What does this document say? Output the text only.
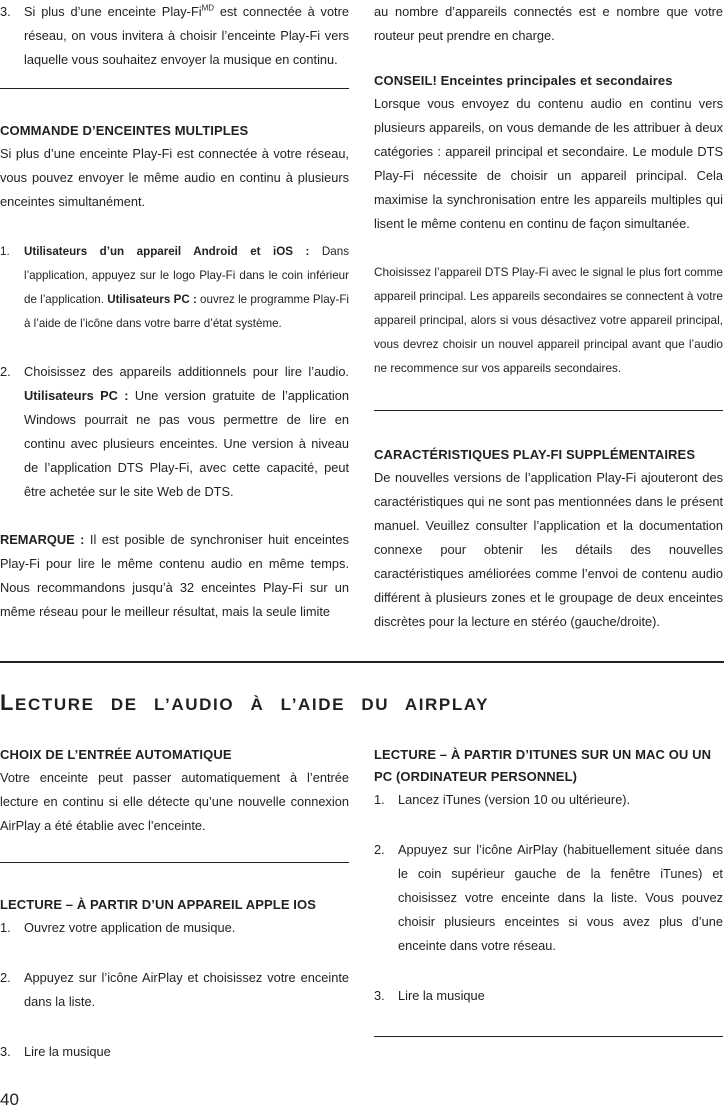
3. Si plus d’une enceinte Play-$Fi^{MD}$ est connectée à votre réseau, on vous invitera à choisir l’enceinte Play-Fi vers laquelle vous souhaitez envoyer la musique en continu.
COMMANDE D’ENCEINTES MULTIPLES

Si plus d’une enceinte Play-Fi est connectée à votre réseau, vous pouvez envoyer le même audio en continu à plusieurs enceintes simultanément.

1. Utilisateurs d’un appareil Android et iOS : Dans l’application, appuyez sur le logo Play-Fi dans le coin inférieur de l’application. Utilisateurs PC : ouvrez le programme Play-Fi à l’aide de l’icône dans votre barre d’état système.
2. Choisissez des appareils additionnels pour lire l’audio. Utilisateurs PC : Une version gratuite de l’application Windows pourrait ne pas vous permettre de lire en continu avec plusieurs enceintes. Une version à niveau de l’application DTS Play-Fi, avec cette capacité, peut être achetée sur le site Web de DTS.

REMARQUE : Il est posible de synchroniser huit enceintes Play-Fi pour lire le même contenu audio en même temps. Nous recommandons jusqu’à 32 enceintes Play-Fi sur un même réseau pour le meilleur résultat, mais la seule limite

au nombre d’appareils connectés est e nombre que votre routeur peut prendre en charge.

CONSEIL! Enceintes principales et secondaires

Lorsque vous envoyez du contenu audio en continu vers plusieurs appareils, on vous demande de les attribuer à deux catégories : appareil principal et secondaire. Le module DTS Play-Fi nécessite de choisir un appareil principal. Cela maximise la synchronisation entre les appareils multiples qui lisent le même contenu en continu de façon simultanée.

Choisissez l’appareil DTS Play-Fi avec le signal le plus fort comme appareil principal. Les appareils secondaires se connectent à votre appareil principal, alors si vous désactivez votre appareil principal, vous devrez choisir un nouvel appareil principal avant que l’audio ne recommence sur vos appareils secondaires.

CARACTÉRISTIQUES PLAY-FI SUPPLÉMENTAIRES

De nouvelles versions de l’application Play-Fi ajouteront des caractéristiques qui ne sont pas mentionnées dans le présent manuel. Veuillez consulter l’application et la documentation connexe pour obtenir les détails des nouvelles caractéristiques améliorées comme l’envoi de contenu audio différent à plusieurs zones et le groupage de deux enceintes discrètes pour la lecture en stéréo (gauche/droite).

LECTURE DE L’AUDIO À L’AIDE DU AIRPLAY
CHOIX DE L’ENTRÉE AUTOMATIQUE

Votre enceinte peut passer automatiquement à l’entrée lecture en continu si elle détecte qu’une nouvelle connexion AirPlay a été établie avec l’enceinte.

LECTURE – À PARTIR D’UN APPAREIL APPLE IOS
1. Ouvrez votre application de musique.
2. Appuyez sur l’icône AirPlay et choisissez votre enceinte dans la liste.
3. Lire la musique
LECTURE – À PARTIR D’ITUNES SUR UN MAC OU UN PC (ORDINATEUR PERSONNEL)
1. Lancez iTunes (version 10 ou ultérieure).
2. Appuyez sur l’icône AirPlay (habituellement située dans le coin supérieur gauche de la fenêtre iTunes) et choisissez votre enceinte dans la liste. Vous pouvez choisir plusieurs enceintes si vous avez plus d’une enceinte dans votre réseau.
3. Lire la musique
40
